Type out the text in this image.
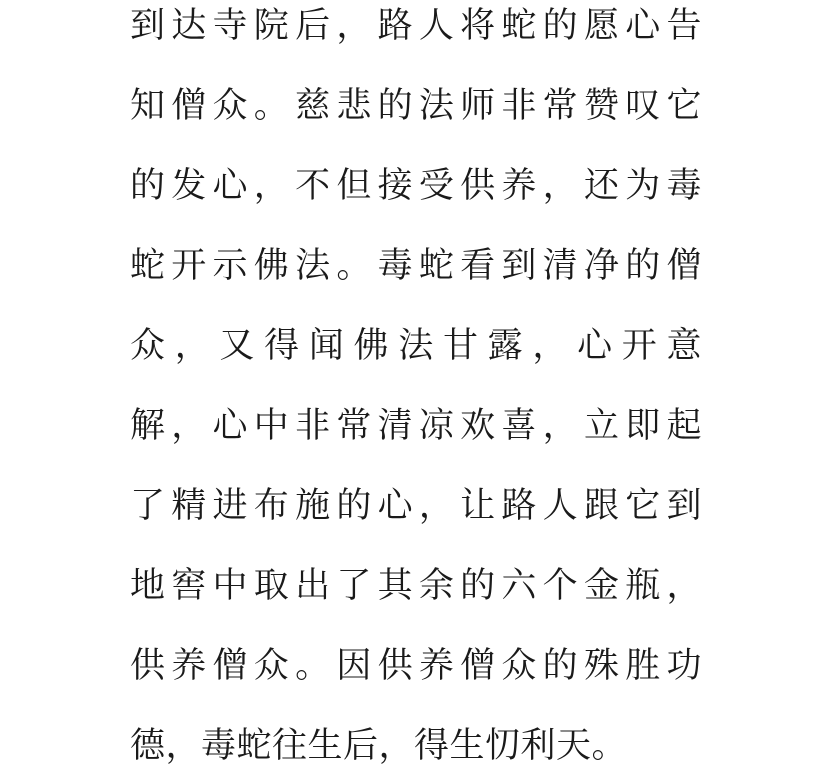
到达寺院后，路人将蛇的愿心告
知僧众。慈悲的法师非常赞叹它
的发心，不但接受供养，还为毒
蛇开示佛法。毒蛇看到清净的僧
众，又得闻佛法甘露，心开意
解，心中非常清凉欢喜，立即起
了精进布施的心，让路人跟它到
地窖中取出了其余的六个金瓶，
供养僧众。因供养僧众的殊胜功
德，毒蛇往生后，得生忉利天。
